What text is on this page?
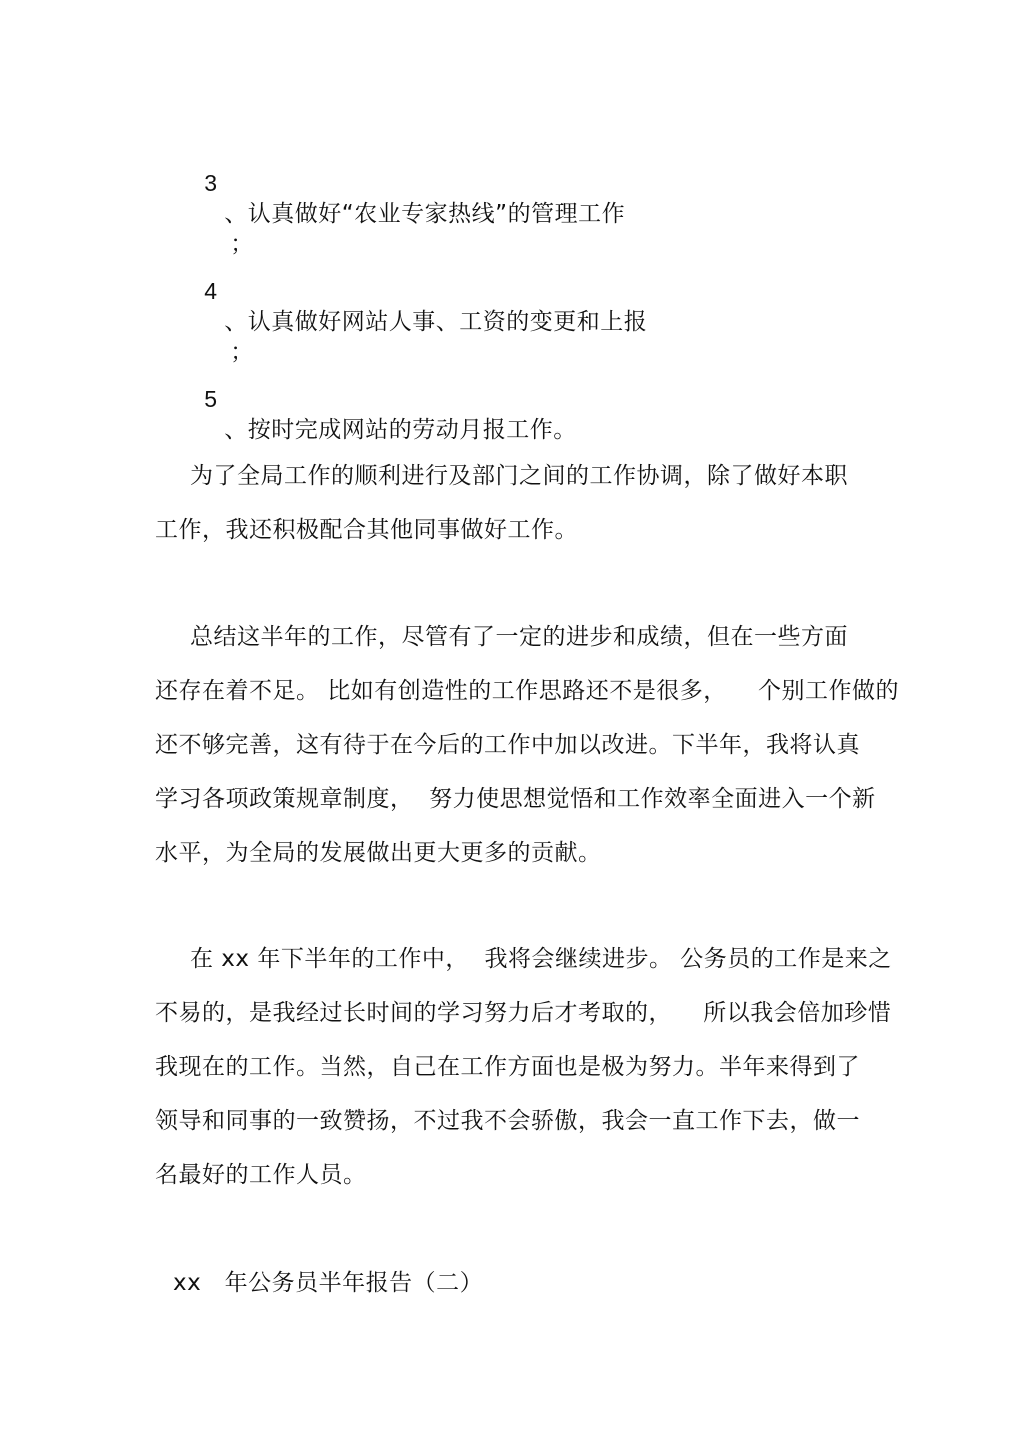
3
、认真做好“农业专家热线”的管理工作
；

4
、认真做好网站人事、工资的变更和上报
；

5
、按时完成网站的劳动月报工作。

为了全局工作的顺利进行及部门之间的工作协调，除了做好本职
工作，我还积极配合其他同事做好工作。
总结这半年的工作，尽管有了一定的进步和成绩，但在一些方面
还存在着不足。 比如有创造性的工作思路还不是很多，    个别工作做的
还不够完善，这有待于在今后的工作中加以改进。下半年，我将认真
学习各项政策规章制度，  努力使思想觉悟和工作效率全面进入一个新
水平，为全局的发展做出更大更多的贡献。
在 xx 年下半年的工作中，  我将会继续进步。 公务员的工作是来之
不易的，是我经过长时间的学习努力后才考取的，    所以我会倍加珍惜
我现在的工作。当然，自己在工作方面也是极为努力。半年来得到了
领导和同事的一致赞扬，不过我不会骄傲，我会一直工作下去，做一
名最好的工作人员。
xx   年公务员半年报告（二）
